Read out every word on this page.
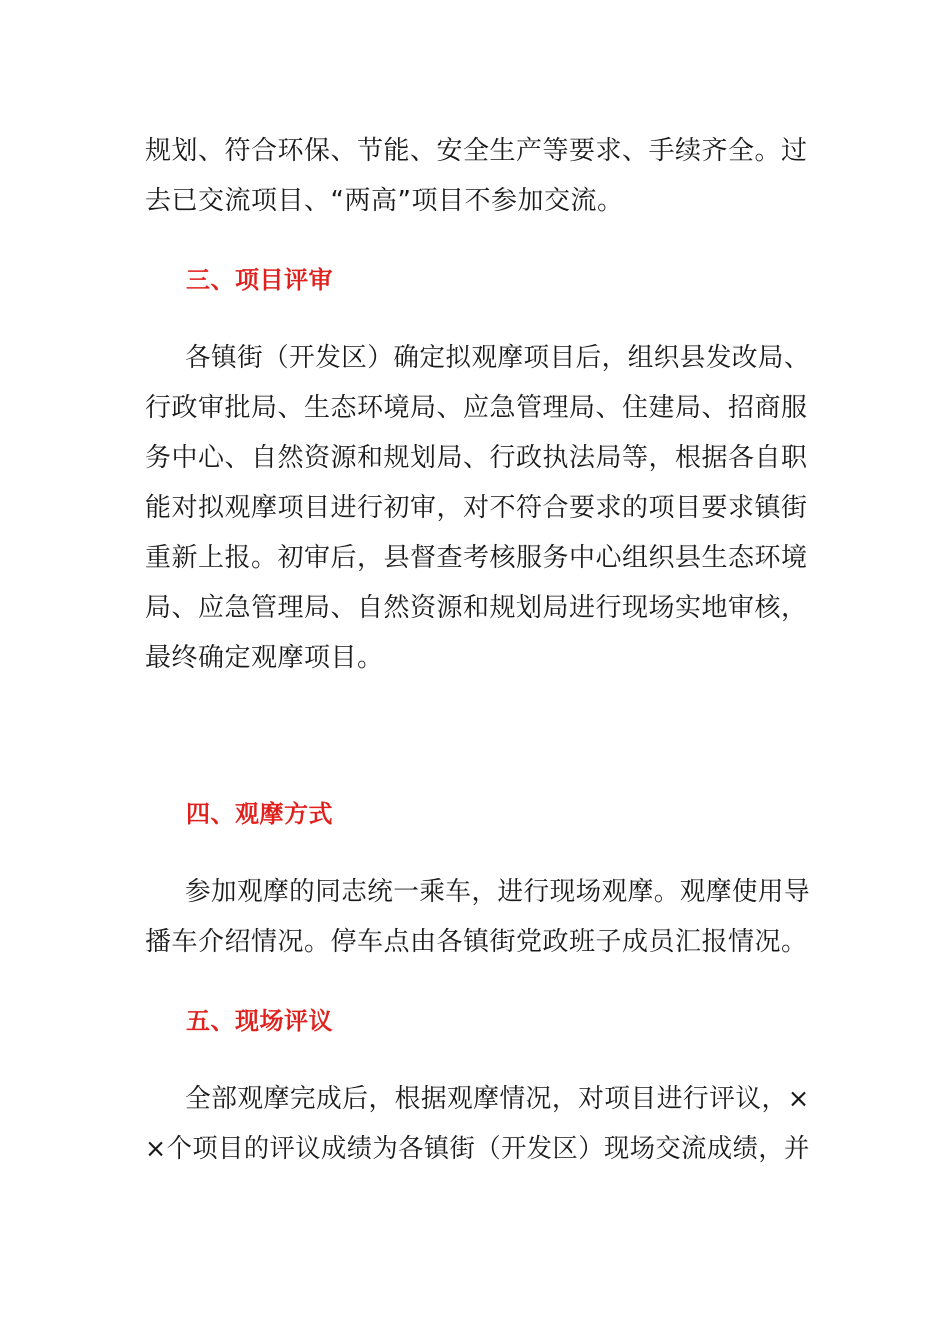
规划、符合环保、节能、安全生产等要求、手续齐全。过
去已交流项目、“两高”项目不参加交流。
三、项目评审
各镇街（开发区）确定拟观摩项目后，组织县发改局、
行政审批局、生态环境局、应急管理局、住建局、招商服
务中心、自然资源和规划局、行政执法局等，根据各自职
能对拟观摩项目进行初审，对不符合要求的项目要求镇街
重新上报。初审后，县督查考核服务中心组织县生态环境
局、应急管理局、自然资源和规划局进行现场实地审核，
最终确定观摩项目。
四、观摩方式
参加观摩的同志统一乘车，进行现场观摩。观摩使用导
播车介绍情况。停车点由各镇街党政班子成员汇报情况。
五、现场评议
全部观摩完成后，根据观摩情况，对项目进行评议，×
×个项目的评议成绩为各镇街（开发区）现场交流成绩，并
